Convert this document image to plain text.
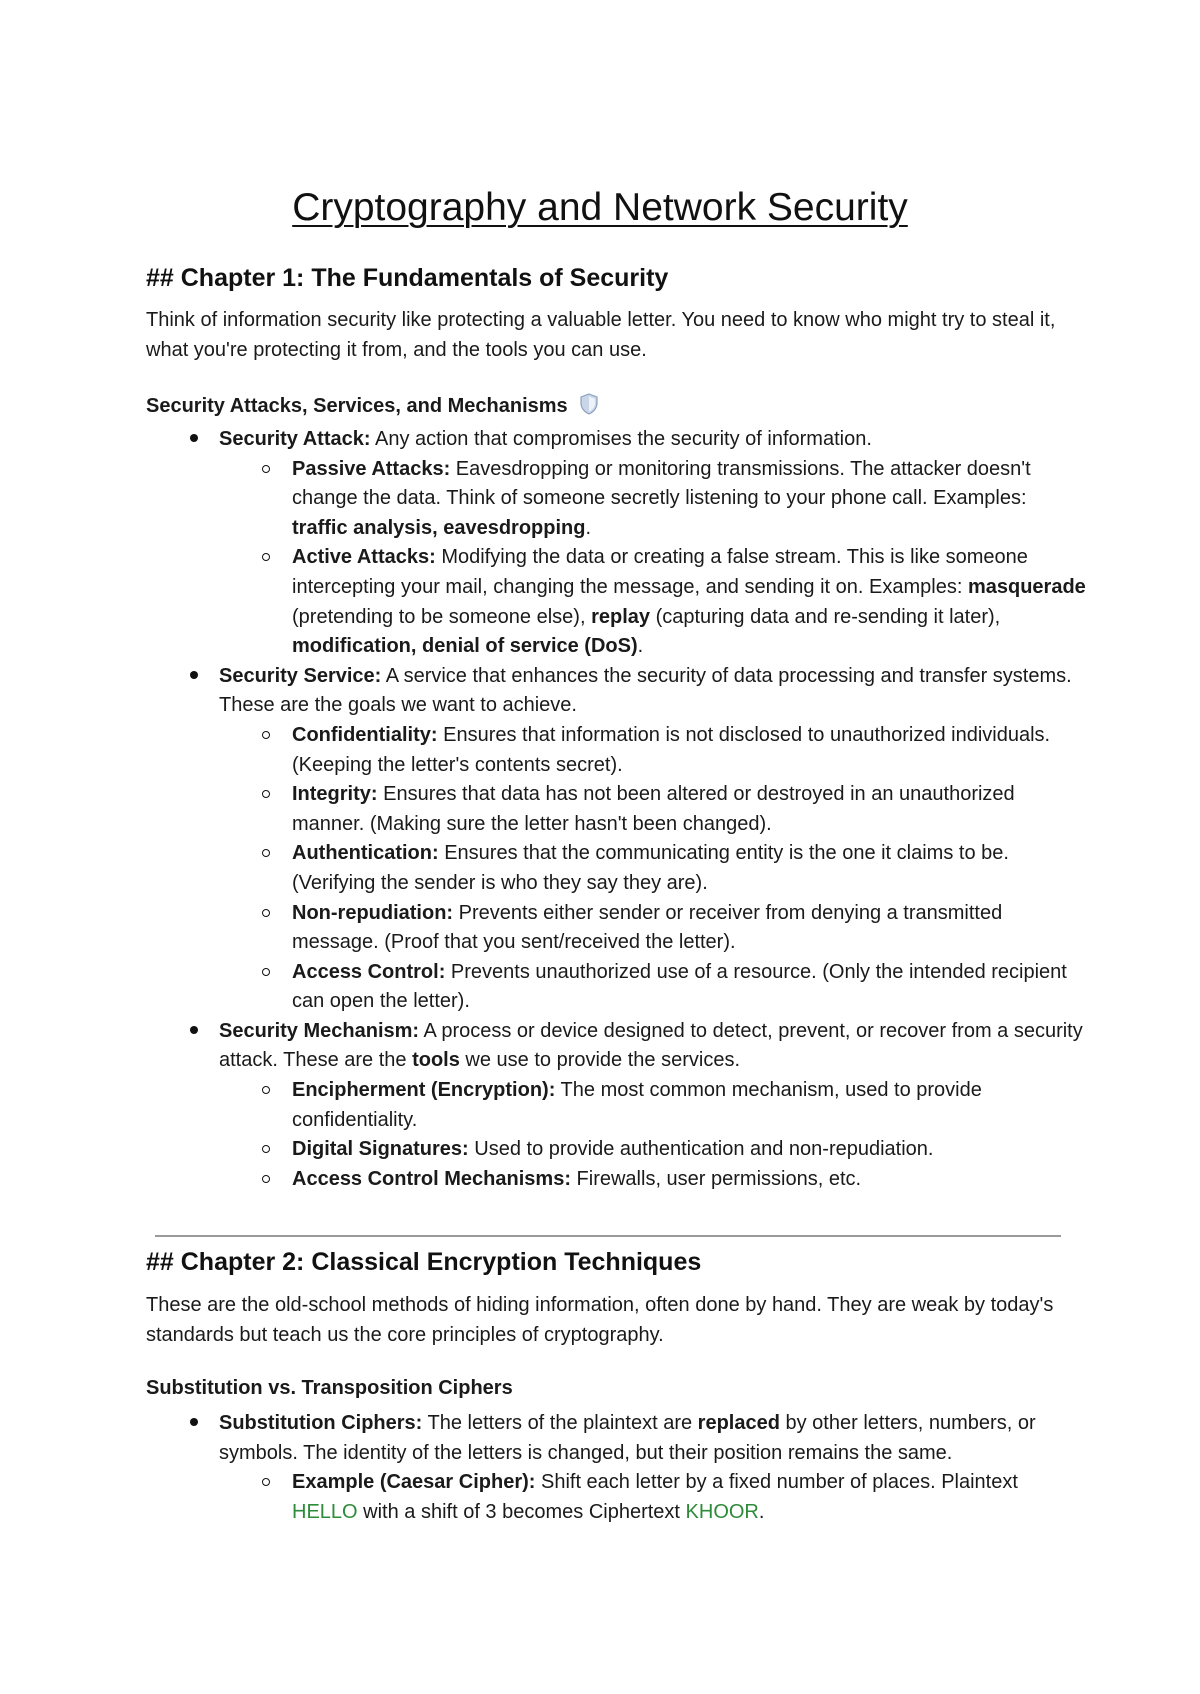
Cryptography and Network Security
## Chapter 1: The Fundamentals of Security

Think of information security like protecting a valuable letter. You need to know who might try to steal it, what you're protecting it from, and the tools you can use.

Security Attacks, Services, and Mechanisms
Security Attack: Any action that compromises the security of information.
Passive Attacks: Eavesdropping or monitoring transmissions. The attacker doesn't change the data. Think of someone secretly listening to your phone call. Examples: traffic analysis, eavesdropping.
Active Attacks: Modifying the data or creating a false stream. This is like someone intercepting your mail, changing the message, and sending it on. Examples: masquerade (pretending to be someone else), replay (capturing data and re-sending it later), modification, denial of service (DoS).
Security Service: A service that enhances the security of data processing and transfer systems. These are the goals we want to achieve.
Confidentiality: Ensures that information is not disclosed to unauthorized individuals. (Keeping the letter's contents secret).
Integrity: Ensures that data has not been altered or destroyed in an unauthorized manner. (Making sure the letter hasn't been changed).
Authentication: Ensures that the communicating entity is the one it claims to be. (Verifying the sender is who they say they are).
Non-repudiation: Prevents either sender or receiver from denying a transmitted message. (Proof that you sent/received the letter).
Access Control: Prevents unauthorized use of a resource. (Only the intended recipient can open the letter).
Security Mechanism: A process or device designed to detect, prevent, or recover from a security attack. These are the tools we use to provide the services.
Encipherment (Encryption): The most common mechanism, used to provide confidentiality.
Digital Signatures: Used to provide authentication and non-repudiation.
Access Control Mechanisms: Firewalls, user permissions, etc.
## Chapter 2: Classical Encryption Techniques

These are the old-school methods of hiding information, often done by hand. They are weak by today's standards but teach us the core principles of cryptography.

Substitution vs. Transposition Ciphers
Substitution Ciphers: The letters of the plaintext are replaced by other letters, numbers, or symbols. The identity of the letters is changed, but their position remains the same.
Example (Caesar Cipher): Shift each letter by a fixed number of places. Plaintext HELLO with a shift of 3 becomes Ciphertext KHOOR.
